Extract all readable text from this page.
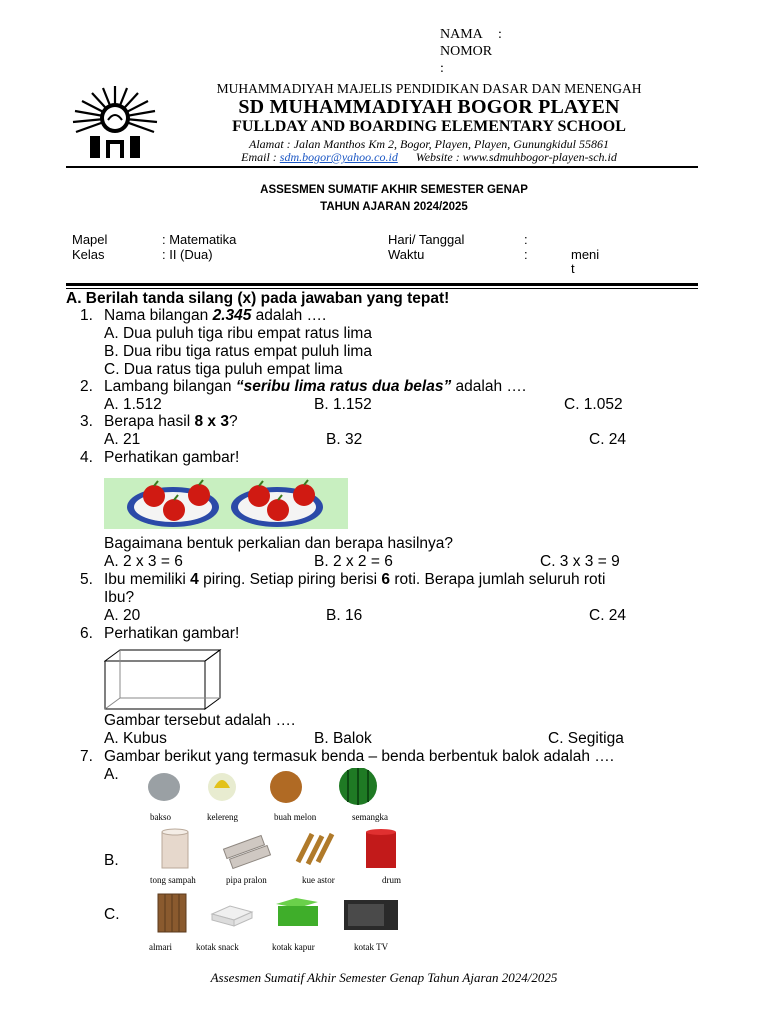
NAMA :
NOMOR :
MUHAMMADIYAH MAJELIS PENDIDIKAN DASAR DAN MENENGAH
SD MUHAMMADIYAH BOGOR PLAYEN
FULLDAY AND BOARDING ELEMENTARY SCHOOL
Alamat : Jalan Manthos Km 2, Bogor, Playen, Playen, Gunungkidul 55861
Email : sdm.bogor@yahoo.co.id Website : www.sdmuhbogor-playen-sch.id
ASSESMEN SUMATIF AKHIR SEMESTER GENAP
TAHUN AJARAN 2024/2025
Mapel	: Matematika
Kelas	: II (Dua)
Hari/ Tanggal	:
Waktu	:	meni
t
A. Berilah tanda silang (x) pada jawaban yang tepat!
1. Nama bilangan 2.345 adalah ….
A. Dua puluh tiga ribu empat ratus lima
B. Dua ribu tiga ratus empat puluh lima
C. Dua ratus tiga puluh empat lima
2. Lambang bilangan “seribu lima ratus dua belas” adalah ….
A. 1.512	B. 1.152	C. 1.052
3. Berapa hasil 8 x 3?
A. 21	B. 32	C. 24
4. Perhatikan gambar!
Bagaimana bentuk perkalian dan berapa hasilnya?
A. 2 x 3 = 6	B. 2 x 2 = 6	C. 3 x 3 = 9
5. Ibu memiliki 4 piring. Setiap piring berisi 6 roti. Berapa jumlah seluruh roti
Ibu?
A. 20	B. 16	C. 24
6. Perhatikan gambar!
Gambar tersebut adalah ….
A. Kubus	B. Balok	C. Segitiga
7. Gambar berikut yang termasuk benda – benda berbentuk balok adalah ….
A.
bakso	kelereng	buah melon	semangka
B.
tong sampah	pipa pralon	kue astor	drum
C.
almari	kotak snack	kotak kapur	kotak TV
Assesmen Sumatif Akhir Semester Genap Tahun Ajaran 2024/2025
